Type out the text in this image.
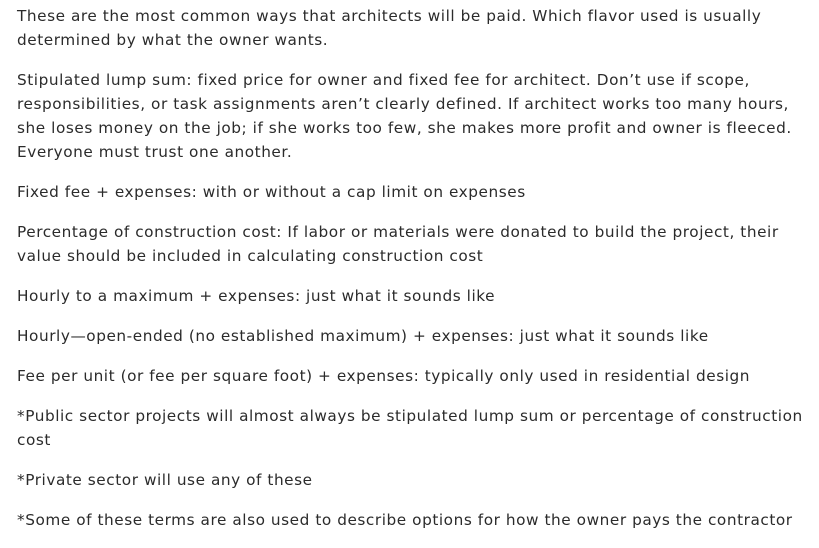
These are the most common ways that architects will be paid. Which flavor used is usually determined by what the owner wants.

Stipulated lump sum: fixed price for owner and fixed fee for architect. Don’t use if scope, responsibilities, or task assignments aren’t clearly defined. If architect works too many hours, she loses money on the job; if she works too few, she makes more profit and owner is fleeced. Everyone must trust one another.

Fixed fee + expenses: with or without a cap limit on expenses

Percentage of construction cost: If labor or materials were donated to build the project, their value should be included in calculating construction cost

Hourly to a maximum + expenses: just what it sounds like

Hourly—open-ended (no established maximum) + expenses: just what it sounds like

Fee per unit (or fee per square foot) + expenses: typically only used in residential design

*Public sector projects will almost always be stipulated lump sum or percentage of construction cost

*Private sector will use any of these

*Some of these terms are also used to describe options for how the owner pays the contractor
